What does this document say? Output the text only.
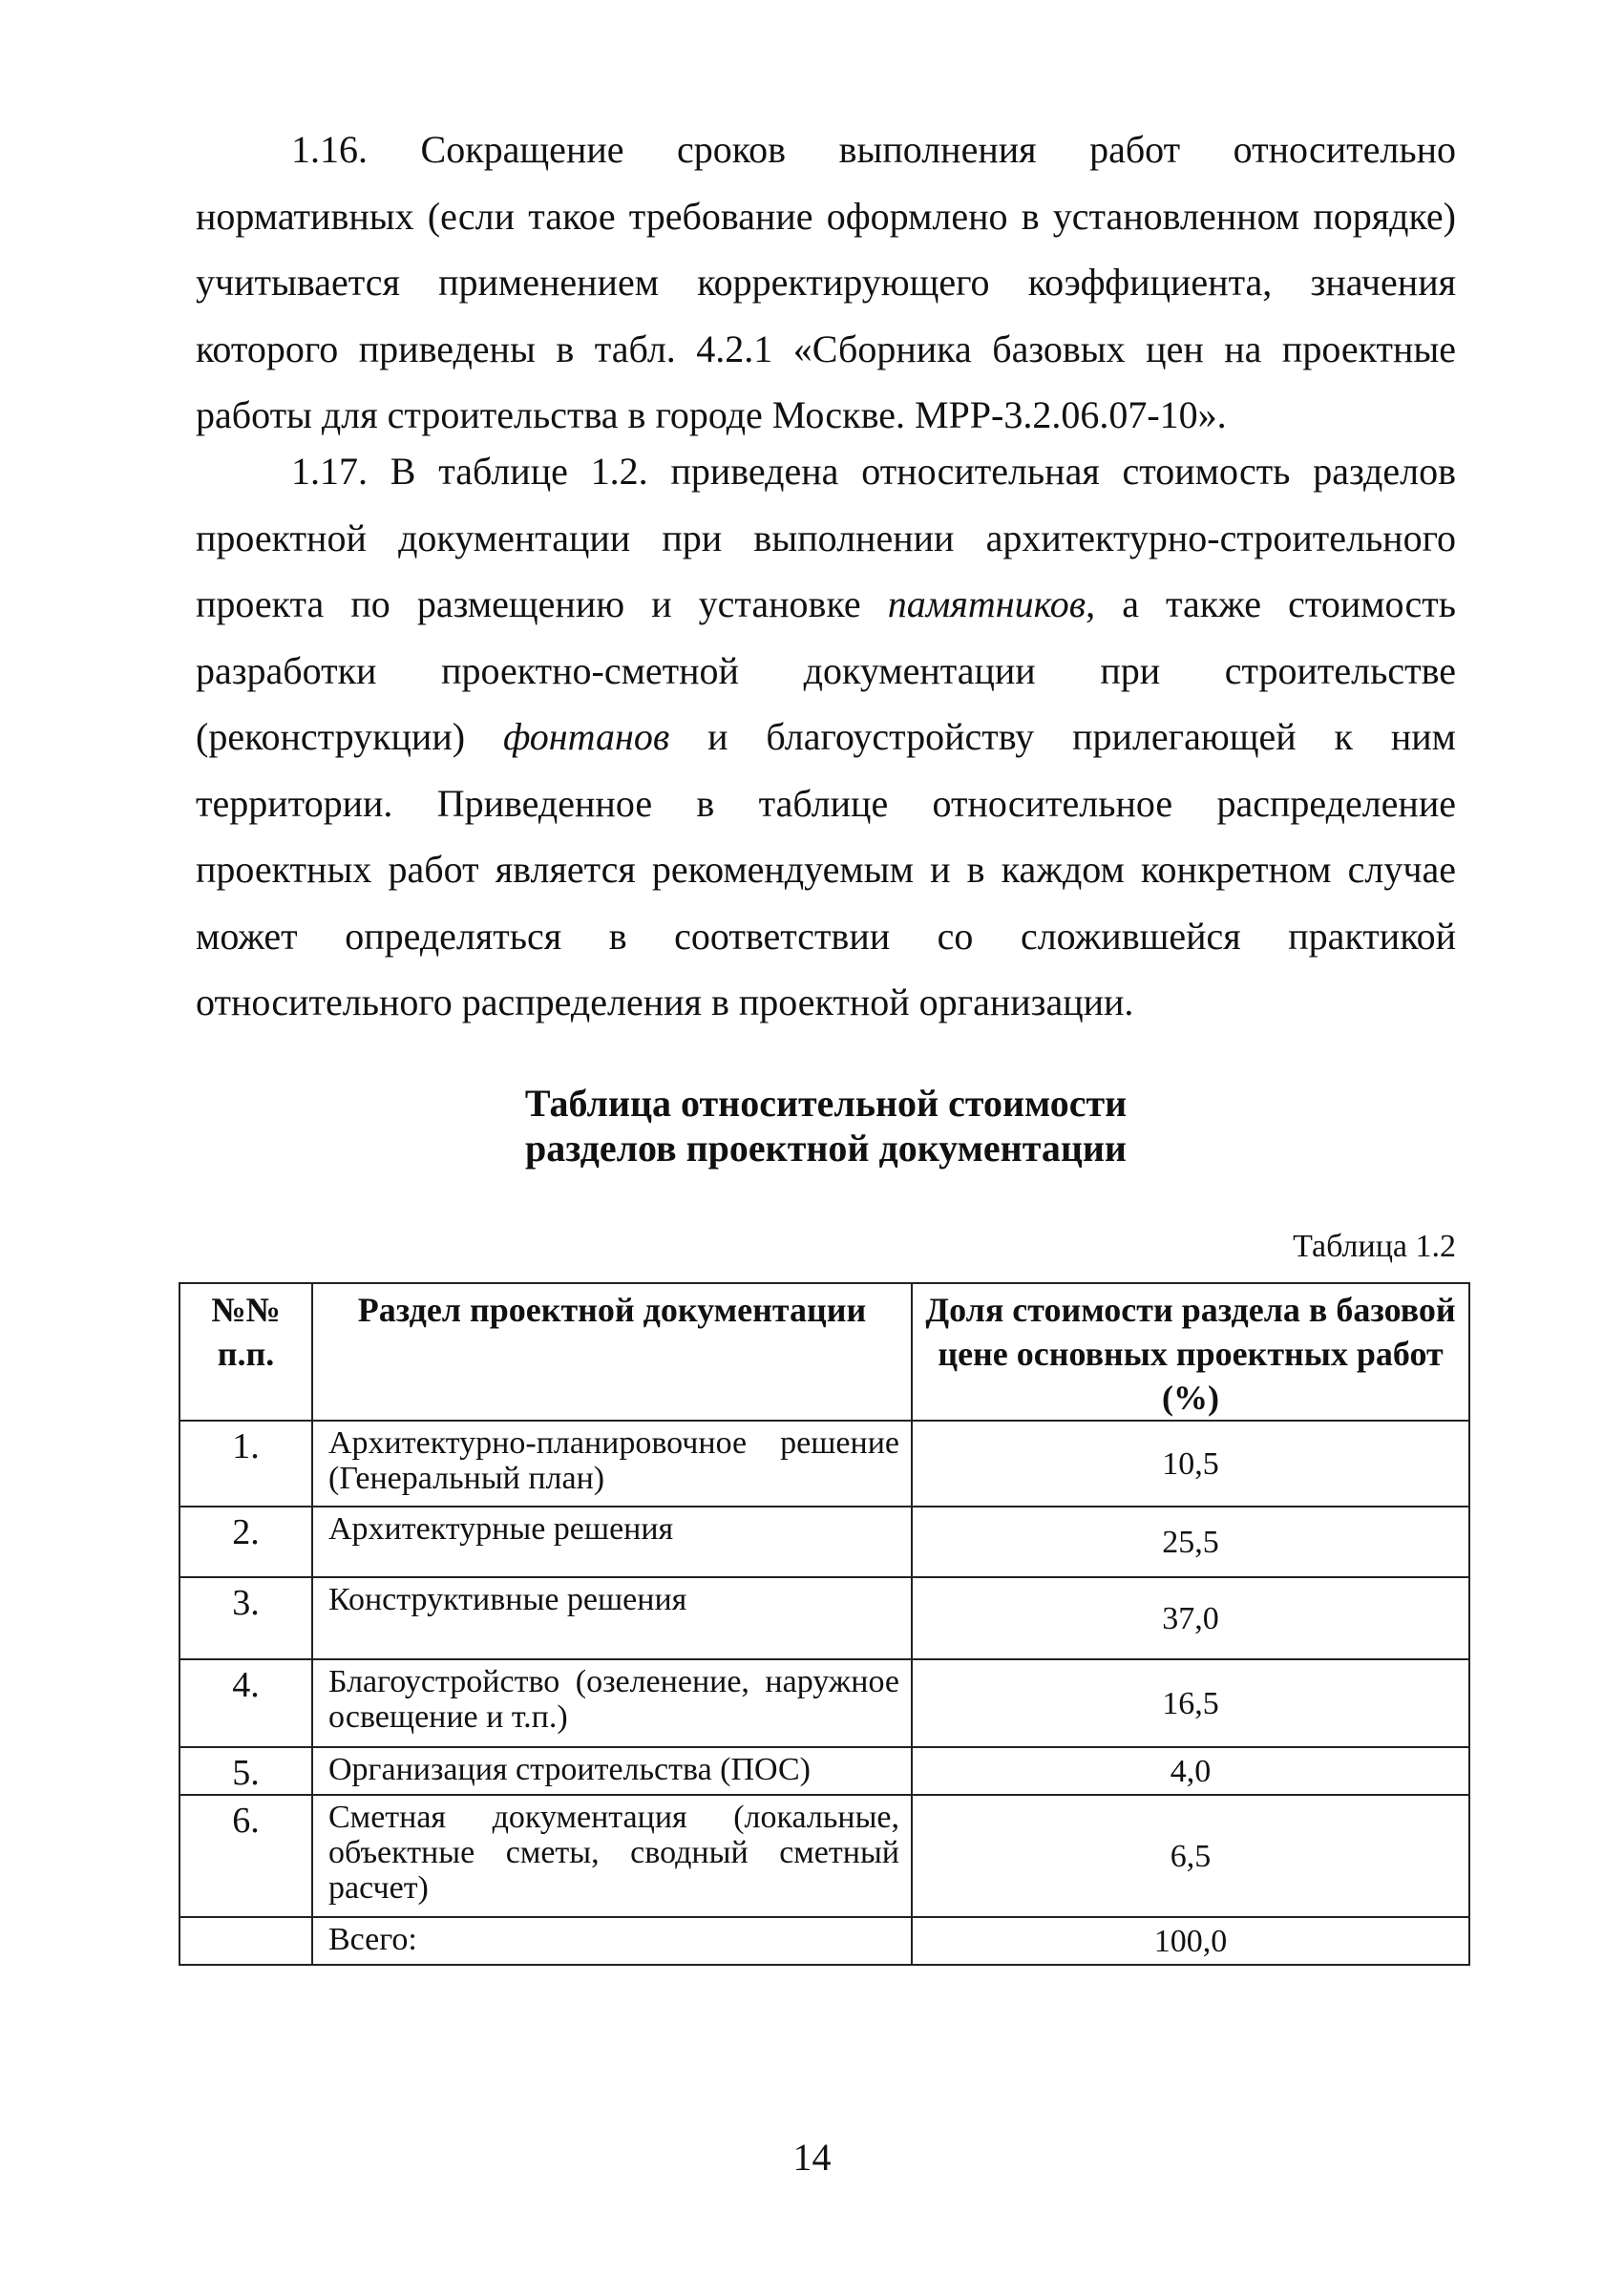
1.16. Сокращение сроков выполнения работ относительно нормативных (если такое требование оформлено в установленном порядке) учитывается применением корректирующего коэффициента, значения которого приведены в табл. 4.2.1 «Сборника базовых цен на проектные работы для строительства в городе Москве. МРР-3.2.06.07-10».

1.17. В таблице 1.2. приведена относительная стоимость разделов проектной документации при выполнении архитектурно-строительного проекта по размещению и установке памятников, а также стоимость разработки проектно-сметной документации при строительстве (реконструкции) фонтанов и благоустройству прилегающей к ним территории. Приведенное в таблице относительное распределение проектных работ является рекомендуемым и в каждом конкретном случае может определяться в соответствии со сложившейся практикой относительного распределения в проектной организации.

Таблица относительной стоимости
разделов проектной документации

Таблица 1.2

№№ п.п.	Раздел проектной документации	Доля стоимости раздела в базовой цене основных проектных работ (%)
1.	Архитектурно-планировочное решение (Генеральный план)	10,5
2.	Архитектурные решения	25,5
3.	Конструктивные решения	37,0
4.	Благоустройство (озеленение, наружное освещение и т.п.)	16,5
5.	Организация строительства (ПОС)	4,0
6.	Сметная документация (локальные, объектные сметы, сводный сметный расчет)	6,5
	Всего:	100,0

14
